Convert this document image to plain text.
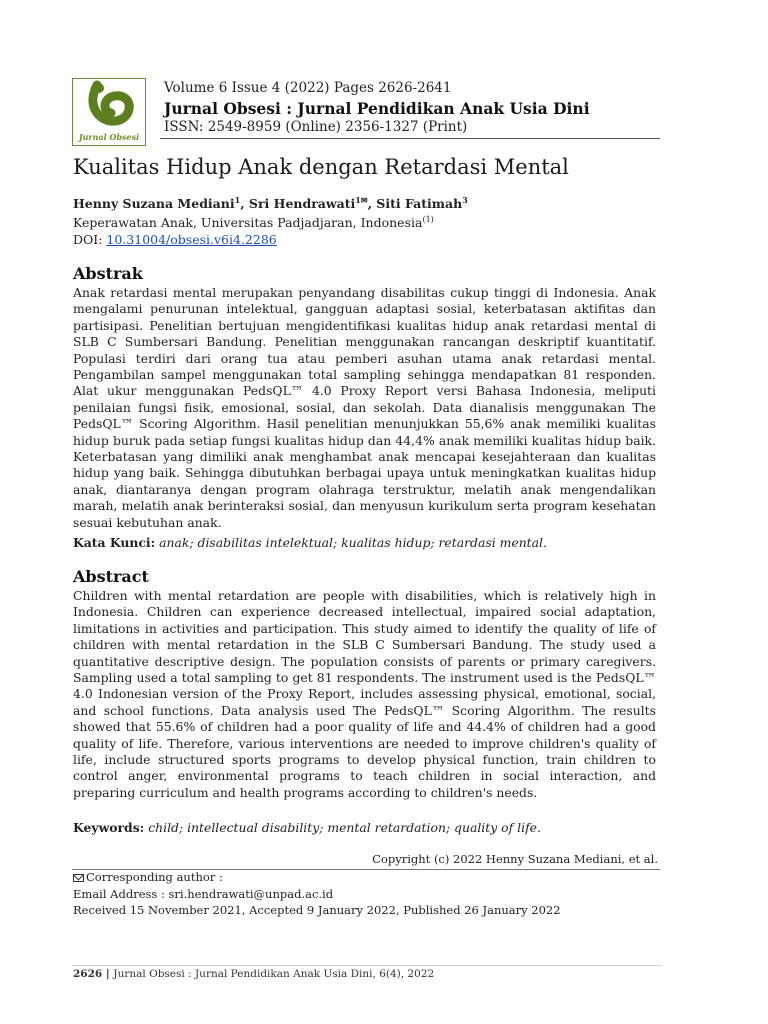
Jurnal Obsesi
Volume 6 Issue 4 (2022) Pages 2626-2641
Jurnal Obsesi : Jurnal Pendidikan Anak Usia Dini
ISSN: 2549-8959 (Online) 2356-1327 (Print)
Kualitas Hidup Anak dengan Retardasi Mental
Henny Suzana Mediani$^1$, Sri Hendrawati$^{1✉}$, Siti Fatimah$^3$
Keperawatan Anak, Universitas Padjadjaran, Indonesia$^{(1)}$
DOI: 10.31004/obsesi.v6i4.2286
Abstrak
Anak retardasi mental merupakan penyandang disabilitas cukup tinggi di Indonesia. Anak mengalami penurunan intelektual, gangguan adaptasi sosial, keterbatasan aktifitas dan partisipasi. Penelitian bertujuan mengidentifikasi kualitas hidup anak retardasi mental di SLB C Sumbersari Bandung. Penelitian menggunakan rancangan deskriptif kuantitatif. Populasi terdiri dari orang tua atau pemberi asuhan utama anak retardasi mental. Pengambilan sampel menggunakan total sampling sehingga mendapatkan 81 responden. Alat ukur menggunakan PedsQL™ 4.0 Proxy Report versi Bahasa Indonesia, meliputi penilaian fungsi fisik, emosional, sosial, dan sekolah. Data dianalisis menggunakan The PedsQL™ Scoring Algorithm. Hasil penelitian menunjukkan 55,6% anak memiliki kualitas hidup buruk pada setiap fungsi kualitas hidup dan 44,4% anak memiliki kualitas hidup baik. Keterbatasan yang dimiliki anak menghambat anak mencapai kesejahteraan dan kualitas hidup yang baik. Sehingga dibutuhkan berbagai upaya untuk meningkatkan kualitas hidup anak, diantaranya dengan program olahraga terstruktur, melatih anak mengendalikan marah, melatih anak berinteraksi sosial, dan menyusun kurikulum serta program kesehatan sesuai kebutuhan anak.
Kata Kunci: anak; disabilitas intelektual; kualitas hidup; retardasi mental.
Abstract
Children with mental retardation are people with disabilities, which is relatively high in Indonesia. Children can experience decreased intellectual, impaired social adaptation, limitations in activities and participation. This study aimed to identify the quality of life of children with mental retardation in the SLB C Sumbersari Bandung. The study used a quantitative descriptive design. The population consists of parents or primary caregivers. Sampling used a total sampling to get 81 respondents. The instrument used is the PedsQL™ 4.0 Indonesian version of the Proxy Report, includes assessing physical, emotional, social, and school functions. Data analysis used The PedsQL™ Scoring Algorithm. The results showed that 55.6% of children had a poor quality of life and 44.4% of children had a good quality of life. Therefore, various interventions are needed to improve children's quality of life, include structured sports programs to develop physical function, train children to control anger, environmental programs to teach children in social interaction, and preparing curriculum and health programs according to children's needs.
Keywords: child; intellectual disability; mental retardation; quality of life.
Copyright (c) 2022 Henny Suzana Mediani, et al.
Corresponding author :
Email Address : sri.hendrawati@unpad.ac.id
Received 15 November 2021, Accepted 9 January 2022, Published 26 January 2022
2626 | Jurnal Obsesi : Jurnal Pendidikan Anak Usia Dini, 6(4), 2022
